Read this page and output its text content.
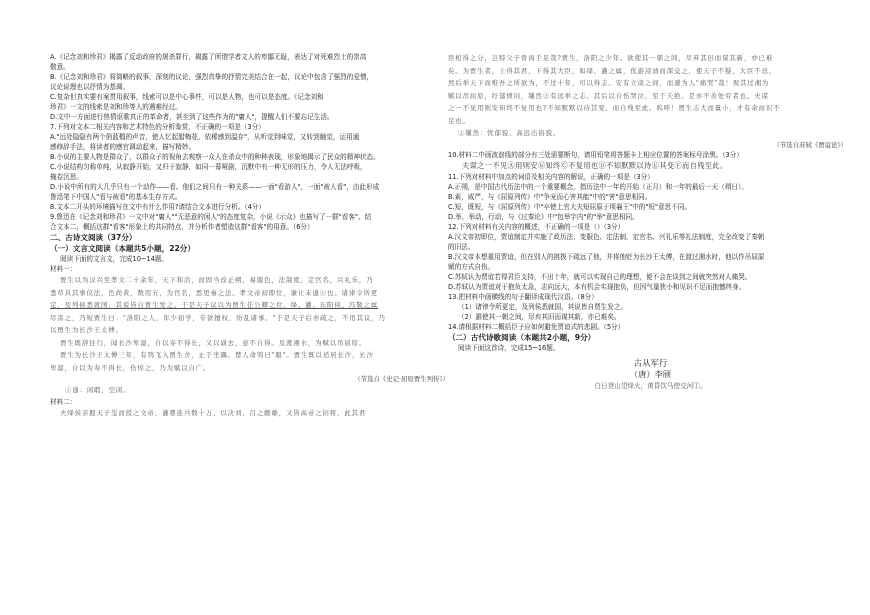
A.《记念刘和珍君》揭露了反动政府的屠杀罪行，揭露了所谓学者文人的卑鄙无耻，表达了对死难烈士的崇高
敬意。
B.《记念刘和珍君》将简略的叙事，深刻的议论，强烈真挚的抒情完美结合在一起，议论中包含了强烈的爱憎，
议论说理也以抒情为基调。
C.复杂但真实要有案贯用叙事，线索可以是中心事件，可以是人物，也可以是态度。《记念刘和
珍君》一文的线索是刘和珍等人的遇难经过。
D.文中一方面进行热情讴歌真正的革命者，甚至到了这些作为的"庸人"，提醒人们不要忘记生活。
7.下列对文本二相关内容和艺术特色的分析鉴赏，不正确的一项是（3分）
A."远处隐隐有两个俏蓝榴的声音，使人忆起腊梅花，依稀感到温存"，从听觉到味觉，又转到触觉，运用通
感修辞手法，将读者的感官调动起来，描写精妙。
B.小说的主要人物是群众了，以群众子的视角去观察一众人在杀众中的种种表现，形象地揭示了民众的精神状态。
C.小说结构匀称单纯，从寂静开始，又归于寂静，如同一幕哑剧，沉默中有一种无形的压力，令人无法呼吸，
掩卷沉思。
D.小说中所有的人几乎只有一个动作——看。他们之间只有一种关系——一面"看游人"，一面"被人看"，由此形成
鲁迅笔下中国人"看与被看"的基本生存方式。
8.文本二开头的环境描写在文中有什么作用?请结合文本进行分析。（4分）
9.鲁迅在《记念刘和珍君》一文中对"庸人""无恶意的闲人"的态度复杂，小说《示众》也描写了一群"看客"。结
合文本二，概括这群"看客"形象上的共同特点，并分析作者塑造这群"看客"的用意。（6分）
二、古诗文阅读（37分）
（一）文言文阅读（本题共5小题，22分）
阅读下面的文言文，完成10~14题。
材料一：
贾生以为汉兴至孝文二十余年，天下和洽，而固当改正朔，易服色，法制度，定官名，兴礼乐，乃
悉草具其事仪法，色尚黄，数用五，为官名，悉更秦之法。孝文帝初即位，谦让未遑①也。诸律令所更
定，及列侯悉就国，其说皆自贾生发之。于是天子议以为贾生任公卿之位。绛、灌、东阳侯、冯敬之属
尽害之，乃短贾生曰："洛阳之人，年少初学，专欲擅权，纷乱诸事。"于是天子后亦疏之，不用其议，乃
以贾生为长沙王太傅。
贾生既辞往行，闻长沙卑湿，自以寿不得长，又以谪去，意不自得。及渡湘水，为赋以吊屈原。
贾生为长沙王太傅三年，有鸮飞入贾生舍，止于坐隅。楚人命鸮曰"服"。贾生既以适居长沙，长沙
卑湿，自以为寿不得长，伤悼之，乃为赋以自广。
（节选自《史记·屈原贾生列传》）
①遑：闲暇，空闲。
材料二：
夫绛侯亲握天子玺而授之文帝，灌婴连兵数十万，以决刘、吕之雌雄，又皆高帝之旧将，此其君
臣相得之分，岂特父子骨肉手足哉?贾生，洛阳之少年。欲使其一朝之间，尽弃其旧而谋其新，亦已难
矣。为贾生者，上得其君，下得其大臣，如绛、灌之属，优游浸渍而深交之，使天子不疑，大臣不忌，
然后举天下而唯吾之所欲为，不过十年，可以得志。安有立谈之间，而遽为人"痛哭"哉！观其过湘为
赋以吊屈原，纡郁愤闷，趯然②有远举之志。其后以自伤哭泣，至于夭绝。是亦不善处穷者也。夫谋
之一不见用则安知终不复用也?不知默默以待其变，而自残至此。呜呼！贾生志大而量小，才有余而识不
足也。
②趯然：忧郁貌，高远出俗貌。
（节选自苏轼《贾谊论》）
10.材料二中画波浪线的部分有三处需要断句，请用铅笔将答题卡上相应位置的答案标号涂黑。（3分）
夫谋之一不见Ⓐ用则安Ⓑ知终Ⓒ不复用也Ⓓ不知默默以待Ⓔ其变Ⓕ而自残至此。
11.下列对材料中加点的词语及相关内容的解说，正确的一项是（3分）
A.正朔，是中国古代历法中的一个重要概念，指历法中一年的开始（正月）和一年的最后一天（朔日）。
B.素，威严，与《屈原列传》中"争宠而心害其能"中的"害"意思相同。
C.短，既短，与《屈原列传》中"卒使上官大夫短屈原于顷襄王"中的"短"意思不同。
D.举，举动，行动，与《过秦论》中"包举宇内"的"举"意思相同。
12.下列对材料有关内容的概述，不正确的一项是（）（3分）
A.汉文帝初即位，贾谊制定并实施了政历法、变服色、定法制、定官名、兴礼乐等礼法制度，完全改变了秦朝
的旧法。
B.汉文帝本想重用贾谊，但在别人的挑拨下疏远了他，并将他贬为长沙王太傅，在渡过湘水时，他以作吊屈原
赋的方式自伤。
C.苏轼认为贾谊若得君臣支持，不出十年，就可以实现自己的理想，便不会在谈到之间就突然对人痛哭。
D.苏轼认为贾谊对于抱负太急，志向远大，本有机会实现抱负，但因气量狭小和见识不足而抱憾终身。
13.把材料中画横线的句子翻译成现代汉语。（8分）
（1）诸律令所更定，及列侯悉就国，其说皆自贾生发之。
（2）誰使其一朝之间，尽弃其旧而谋其新，亦已难矣。
14.请根据材料二概括臣子应如何避免贾谊式的悲剧。（5分）
（二）古代诗歌阅读（本题共2小题，9分）
阅读下面这首诗，完成15~16题。
古从军行
（唐）李颀
白日登山望烽火，黄昏饮马傍交河①。
